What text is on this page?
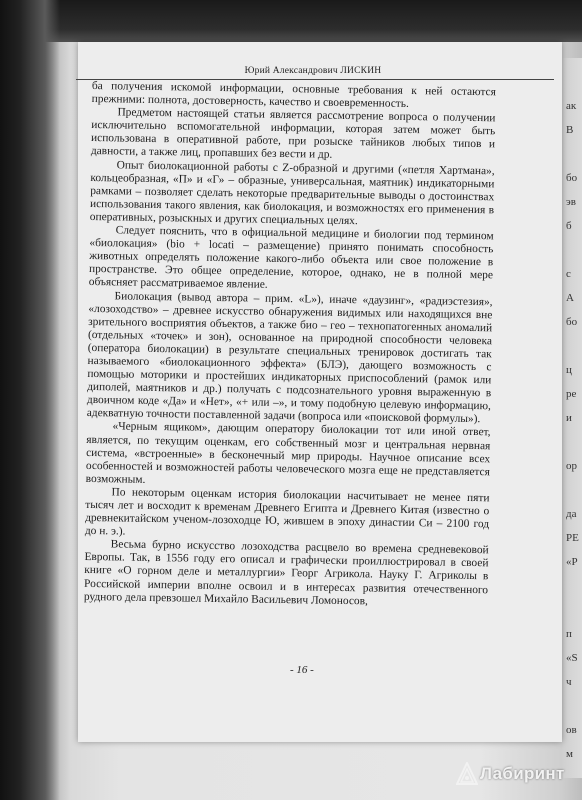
ак
В
бо
эв
б
с
А
бо
ц
ре
и
ор
да
РЕ
«Р
п
«S
ч
ов
м
Юрий Александрович ЛИСКИН

ба получения искомой информации, основные требования к ней остаются прежними: полнота, достоверность, качество и своевременность.

Предметом настоящей статьи является рассмотрение вопроса о получении исключительно вспомогательной информации, которая затем может быть использована в оперативной работе, при розыске тайников любых типов и давности, а также лиц, пропавших без вести и др.

Опыт биолокационной работы с Z-образной и другими («петля Хартмана», кольцеобразная, «П» и «Г» – образные, универсальная, маятник) индикаторными рамками – позволяет сделать некоторые предварительные выводы о достоинствах использования такого явления, как биолокация, и возможностях его применения в оперативных, розыскных и других специальных целях.

Следует пояснить, что в официальной медицине и биологии под термином «биолокация» (bio + locati – размещение) принято понимать способность животных определять положение какого-либо объекта или свое положение в пространстве. Это общее определение, которое, однако, не в полной мере объясняет рассматриваемое явление.

Биолокация (вывод автора – прим. «L»), иначе «даузинг», «радиэстезия», «лозоходство» – древнее искусство обнаружения видимых или находящихся вне зрительного восприятия объектов, а также био – гео – технопатогенных аномалий (отдельных «точек» и зон), основанное на природной способности человека (оператора биолокации) в результате специальных тренировок достигать так называемого «биолокационного эффекта» (БЛЭ), дающего возможность с помощью моторики и простейших индикаторных приспособлений (рамок или диполей, маятников и др.) получать с подсознательного уровня выраженную в двоичном коде «Да» и «Нет», «+ или –», и тому подобную целевую информацию, адекватную точности поставленной задачи (вопроса или «поисковой формулы»).

«Черным ящиком», дающим оператору биолокации тот или иной ответ, является, по текущим оценкам, его собственный мозг и центральная нервная система, «встроенные» в бесконечный мир природы. Научное описание всех особенностей и возможностей работы человеческого мозга еще не представляется возможным.

По некоторым оценкам история биолокации насчитывает не менее пяти тысяч лет и восходит к временам Древнего Египта и Древнего Китая (известно о древнекитайском ученом-лозоходце Ю, жившем в эпоху династии Си – 2100 год до н. э.).

Весьма бурно искусство лозоходства расцвело во времена средневековой Европы. Так, в 1556 году его описал и графически проиллюстрировал в своей книге «О горном деле и металлургии» Георг Агрикола. Науку Г. Агриколы в Российской империи вполне освоил и в интересах развития отечественного рудного дела превзошел Михайло Васильевич Ломоносов,

- 16 -
Лабиринт
